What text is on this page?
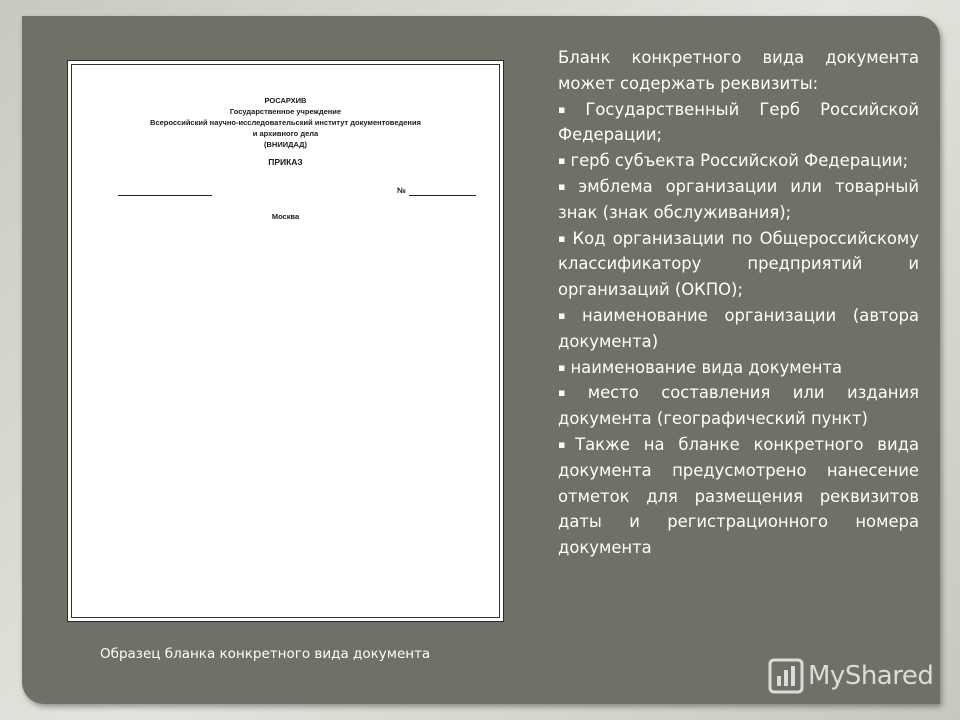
РОСАРХИВ
Государственное учреждение
Всероссийский научно-исследовательский институт документоведения
и архивного дела
(ВНИИДАД)
ПРИКАЗ
№
Москва
Образец бланка конкретного вида документа
Бланк конкретного вида документа может содержать реквизиты:
▪ Государственный Герб Российской Федерации;
▪ герб субъекта Российской Федерации;
▪ эмблема организации или товарный знак (знак обслуживания);
▪ Код организации по Общероссийскому классификатору предприятий и организаций (ОКПО);
▪ наименование организации (автора документа)
▪ наименование вида документа
▪ место составления или издания документа (географический пункт)
▪Также на бланке конкретного вида документа предусмотрено нанесение отметок для размещения реквизитов даты и регистрационного номера документа
MyShared
